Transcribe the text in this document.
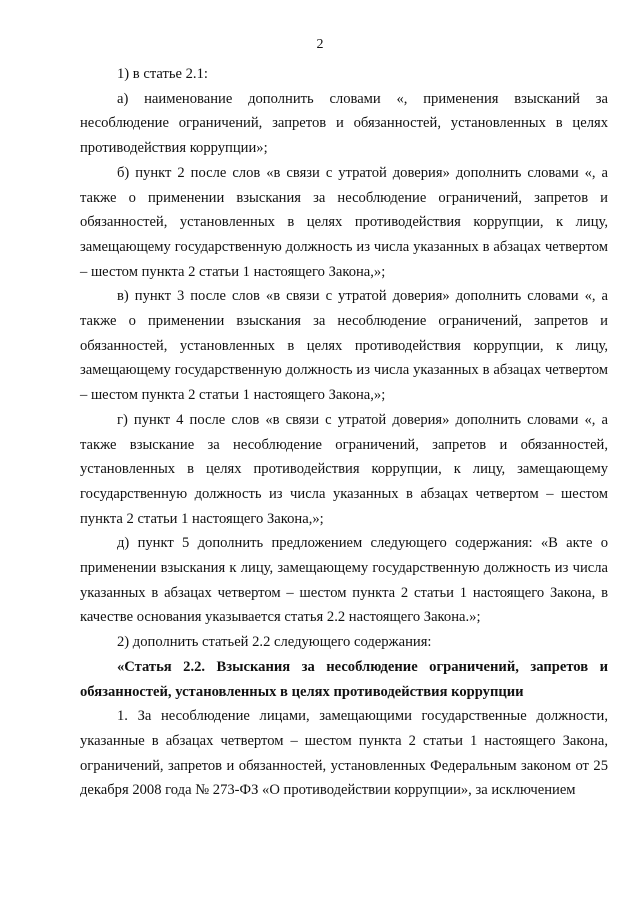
2

1) в статье 2.1:

а) наименование дополнить словами «, применения взысканий за несоблюдение ограничений, запретов и обязанностей, установленных в целях противодействия коррупции»;

б) пункт 2 после слов «в связи с утратой доверия» дополнить словами «, а также о применении взыскания за несоблюдение ограничений, запретов и обязанностей, установленных в целях противодействия коррупции, к лицу, замещающему государственную должность из числа указанных в абзацах четвертом – шестом пункта 2 статьи 1 настоящего Закона,»;

в) пункт 3 после слов «в связи с утратой доверия» дополнить словами «, а также о применении взыскания за несоблюдение ограничений, запретов и обязанностей, установленных в целях противодействия коррупции, к лицу, замещающему государственную должность из числа указанных в абзацах четвертом – шестом пункта 2 статьи 1 настоящего Закона,»;

г) пункт 4 после слов «в связи с утратой доверия» дополнить словами «, а также взыскание за несоблюдение ограничений, запретов и обязанностей, установленных в целях противодействия коррупции, к лицу, замещающему государственную должность из числа указанных в абзацах четвертом – шестом пункта 2 статьи 1 настоящего Закона,»;

д) пункт 5 дополнить предложением следующего содержания: «В акте о применении взыскания к лицу, замещающему государственную должность из числа указанных в абзацах четвертом – шестом пункта 2 статьи 1 настоящего Закона, в качестве основания указывается статья 2.2 настоящего Закона.»;

2) дополнить статьей 2.2 следующего содержания:

«Статья 2.2. Взыскания за несоблюдение ограничений, запретов и обязанностей, установленных в целях противодействия коррупции

1. За несоблюдение лицами, замещающими государственные должности, указанные в абзацах четвертом – шестом пункта 2 статьи 1 настоящего Закона, ограничений, запретов и обязанностей, установленных Федеральным законом от 25 декабря 2008 года № 273-ФЗ «О противодействии коррупции», за исключением
